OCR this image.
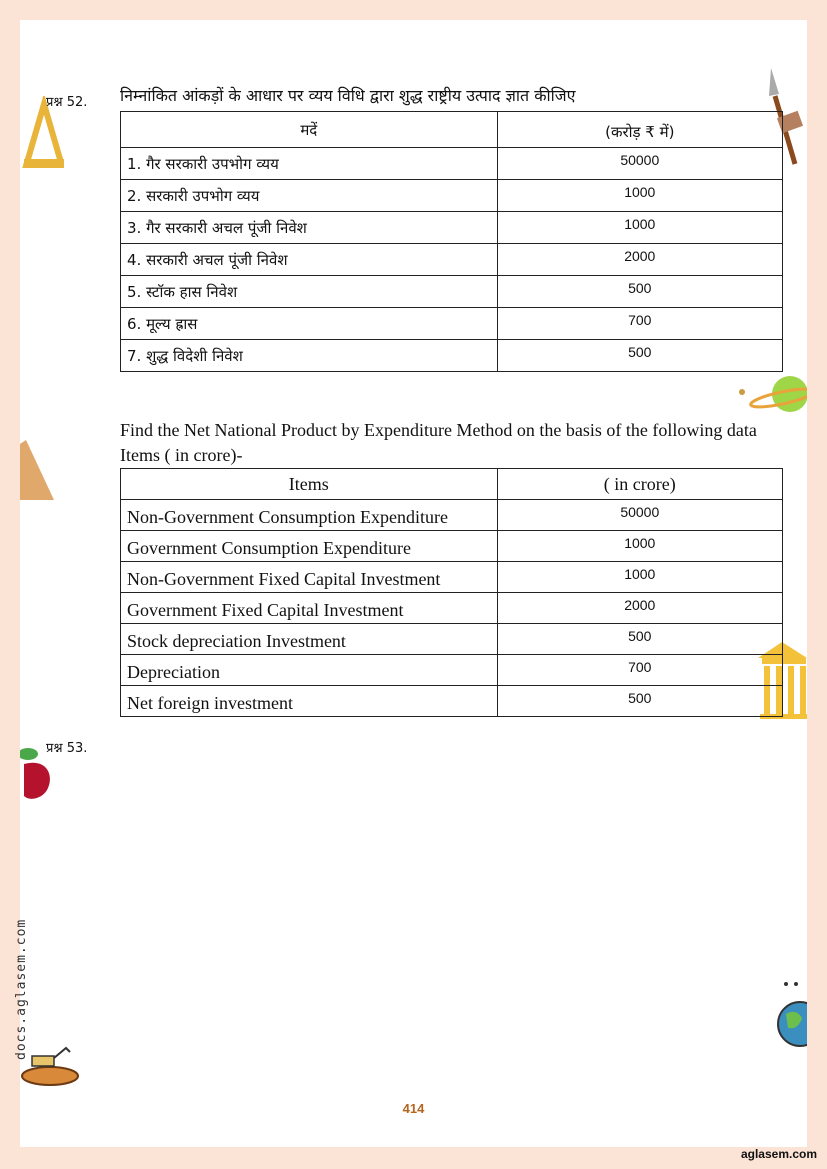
प्रश्न 52. निम्नांकित आंकड़ों के आधार पर व्यय विधि द्वारा शुद्ध राष्ट्रीय उत्पाद ज्ञात कीजिए
मदें	(करोड़ ₹ में)
1. गैर सरकारी उपभोग व्यय	50000
2. सरकारी उपभोग व्यय	1000
3. गैर सरकारी अचल पूंजी निवेश	1000
4. सरकारी अचल पूंजी निवेश	2000
5. स्टॉक हास निवेश	500
6. मूल्य ह्रास	700
7. शुद्ध विदेशी निवेश	500
Find the Net National Product by Expenditure Method on the basis of the following data Items ( in crore)-
Items	( in crore)
Non-Government Consumption Expenditure	50000
Government Consumption Expenditure	1000
Non-Government Fixed Capital Investment	1000
Government Fixed Capital Investment	2000
Stock depreciation Investment	500
Depreciation	700
Net foreign investment	500
प्रश्न 53.
414
docs.aglasem.com
aglasem.com
